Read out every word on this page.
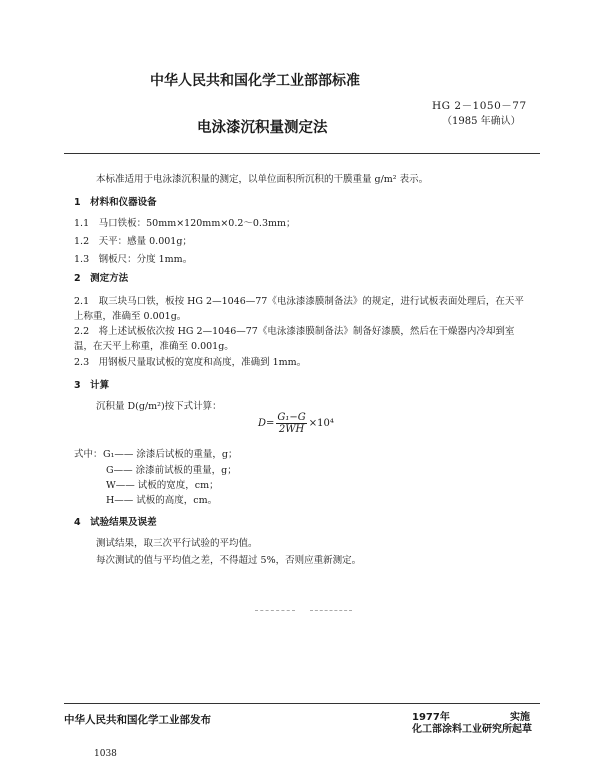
中华人民共和国化学工业部部标准
HG 2－1050－77
（1985 年确认）
电泳漆沉积量测定法
本标准适用于电泳漆沉积量的测定，以单位面积所沉积的干膜重量 g/m² 表示。
1　材料和仪器设备
1.1　马口铁板：50mm×120mm×0.2～0.3mm；
1.2　天平：感量 0.001g；
1.3　钢板尺：分度 1mm。
2　测定方法
2.1　取三块马口铁，板按 HG 2—1046—77《电泳漆漆膜制备法》的规定，进行试板表面处理后，在天平
上称重，准确至 0.001g。
2.2　将上述试板依次按 HG 2—1046—77《电泳漆漆膜制备法》制备好漆膜，然后在干燥器内冷却到室
温，在天平上称重，准确至 0.001g。
2.3　用钢板尺量取试板的宽度和高度，准确到 1mm。
3　计算
沉积量 D(g/m²)按下式计算：
$D= \frac{\text{G₁−G}}{2WH} \times 10^4$
式中： G₁—— 涂漆后试板的重量，g；
G—— 涂漆前试板的重量，g；
W—— 试板的宽度，cm；
H—— 试板的高度，cm。
4　试验结果及误差
测试结果，取三次平行试验的平均值。
每次测试的值与平均值之差，不得超过 5%，否则应重新测定。
中华人民共和国化学工业部发布	1977年	实施
化工部涂料工业研究所起草
1038
